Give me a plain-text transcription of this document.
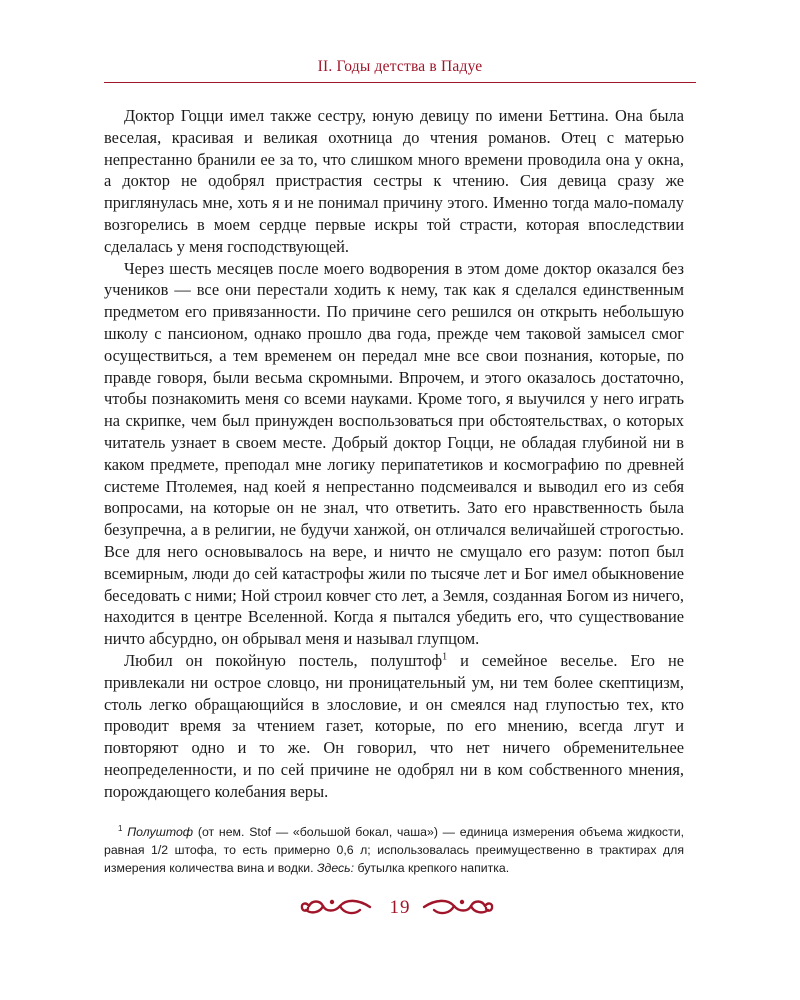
II. Годы детства в Падуе

Доктор Гоцци имел также сестру, юную девицу по имени Беттина. Она была веселая, красивая и великая охотница до чтения романов. Отец с матерью непрестанно бранили ее за то, что слишком много времени проводила она у окна, а доктор не одобрял пристрастия сестры к чтению. Сия девица сразу же приглянулась мне, хоть я и не понимал причину этого. Именно тогда мало-помалу возгорелись в моем сердце первые искры той страсти, которая впоследствии сделалась у меня господствующей.

Через шесть месяцев после моего водворения в этом доме доктор оказался без учеников — все они перестали ходить к нему, так как я сделался единственным предметом его привязанности. По причине сего решился он открыть небольшую школу с пансионом, однако прошло два года, прежде чем таковой замысел смог осуществиться, а тем временем он передал мне все свои познания, которые, по правде говоря, были весьма скромными. Впрочем, и этого оказалось достаточно, чтобы познакомить меня со всеми науками. Кроме того, я выучился у него играть на скрипке, чем был принужден воспользоваться при обстоятельствах, о которых читатель узнает в своем месте. Добрый доктор Гоцци, не обладая глубиной ни в каком предмете, преподал мне логику перипатетиков и космографию по древней системе Птолемея, над коей я непрестанно подсмеивался и выводил его из себя вопросами, на которые он не знал, что ответить. Зато его нравственность была безупречна, а в религии, не будучи ханжой, он отличался величайшей строгостью. Все для него основывалось на вере, и ничто не смущало его разум: потоп был всемирным, люди до сей катастрофы жили по тысяче лет и Бог имел обыкновение беседовать с ними; Ной строил ковчег сто лет, а Земля, созданная Богом из ничего, находится в центре Вселенной. Когда я пытался убедить его, что существование ничто абсурдно, он обрывал меня и называл глупцом.

Любил он покойную постель, полуштоф$^1$ и семейное веселье. Его не привлекали ни острое словцо, ни проницательный ум, ни тем более скептицизм, столь легко обращающийся в злословие, и он смеялся над глупостью тех, кто проводит время за чтением газет, которые, по его мнению, всегда лгут и повторяют одно и то же. Он говорил, что нет ничего обременительнее неопределенности, и по сей причине не одобрял ни в ком собственного мнения, порождающего колебания веры.

$^1$ Полуштоф (от нем. Stof — «большой бокал, чаша») — единица измерения объема жидкости, равная 1/2 штофа, то есть примерно 0,6 л; использовалась преимущественно в трактирах для измерения количества вина и водки. Здесь: бутылка крепкого напитка.
19
